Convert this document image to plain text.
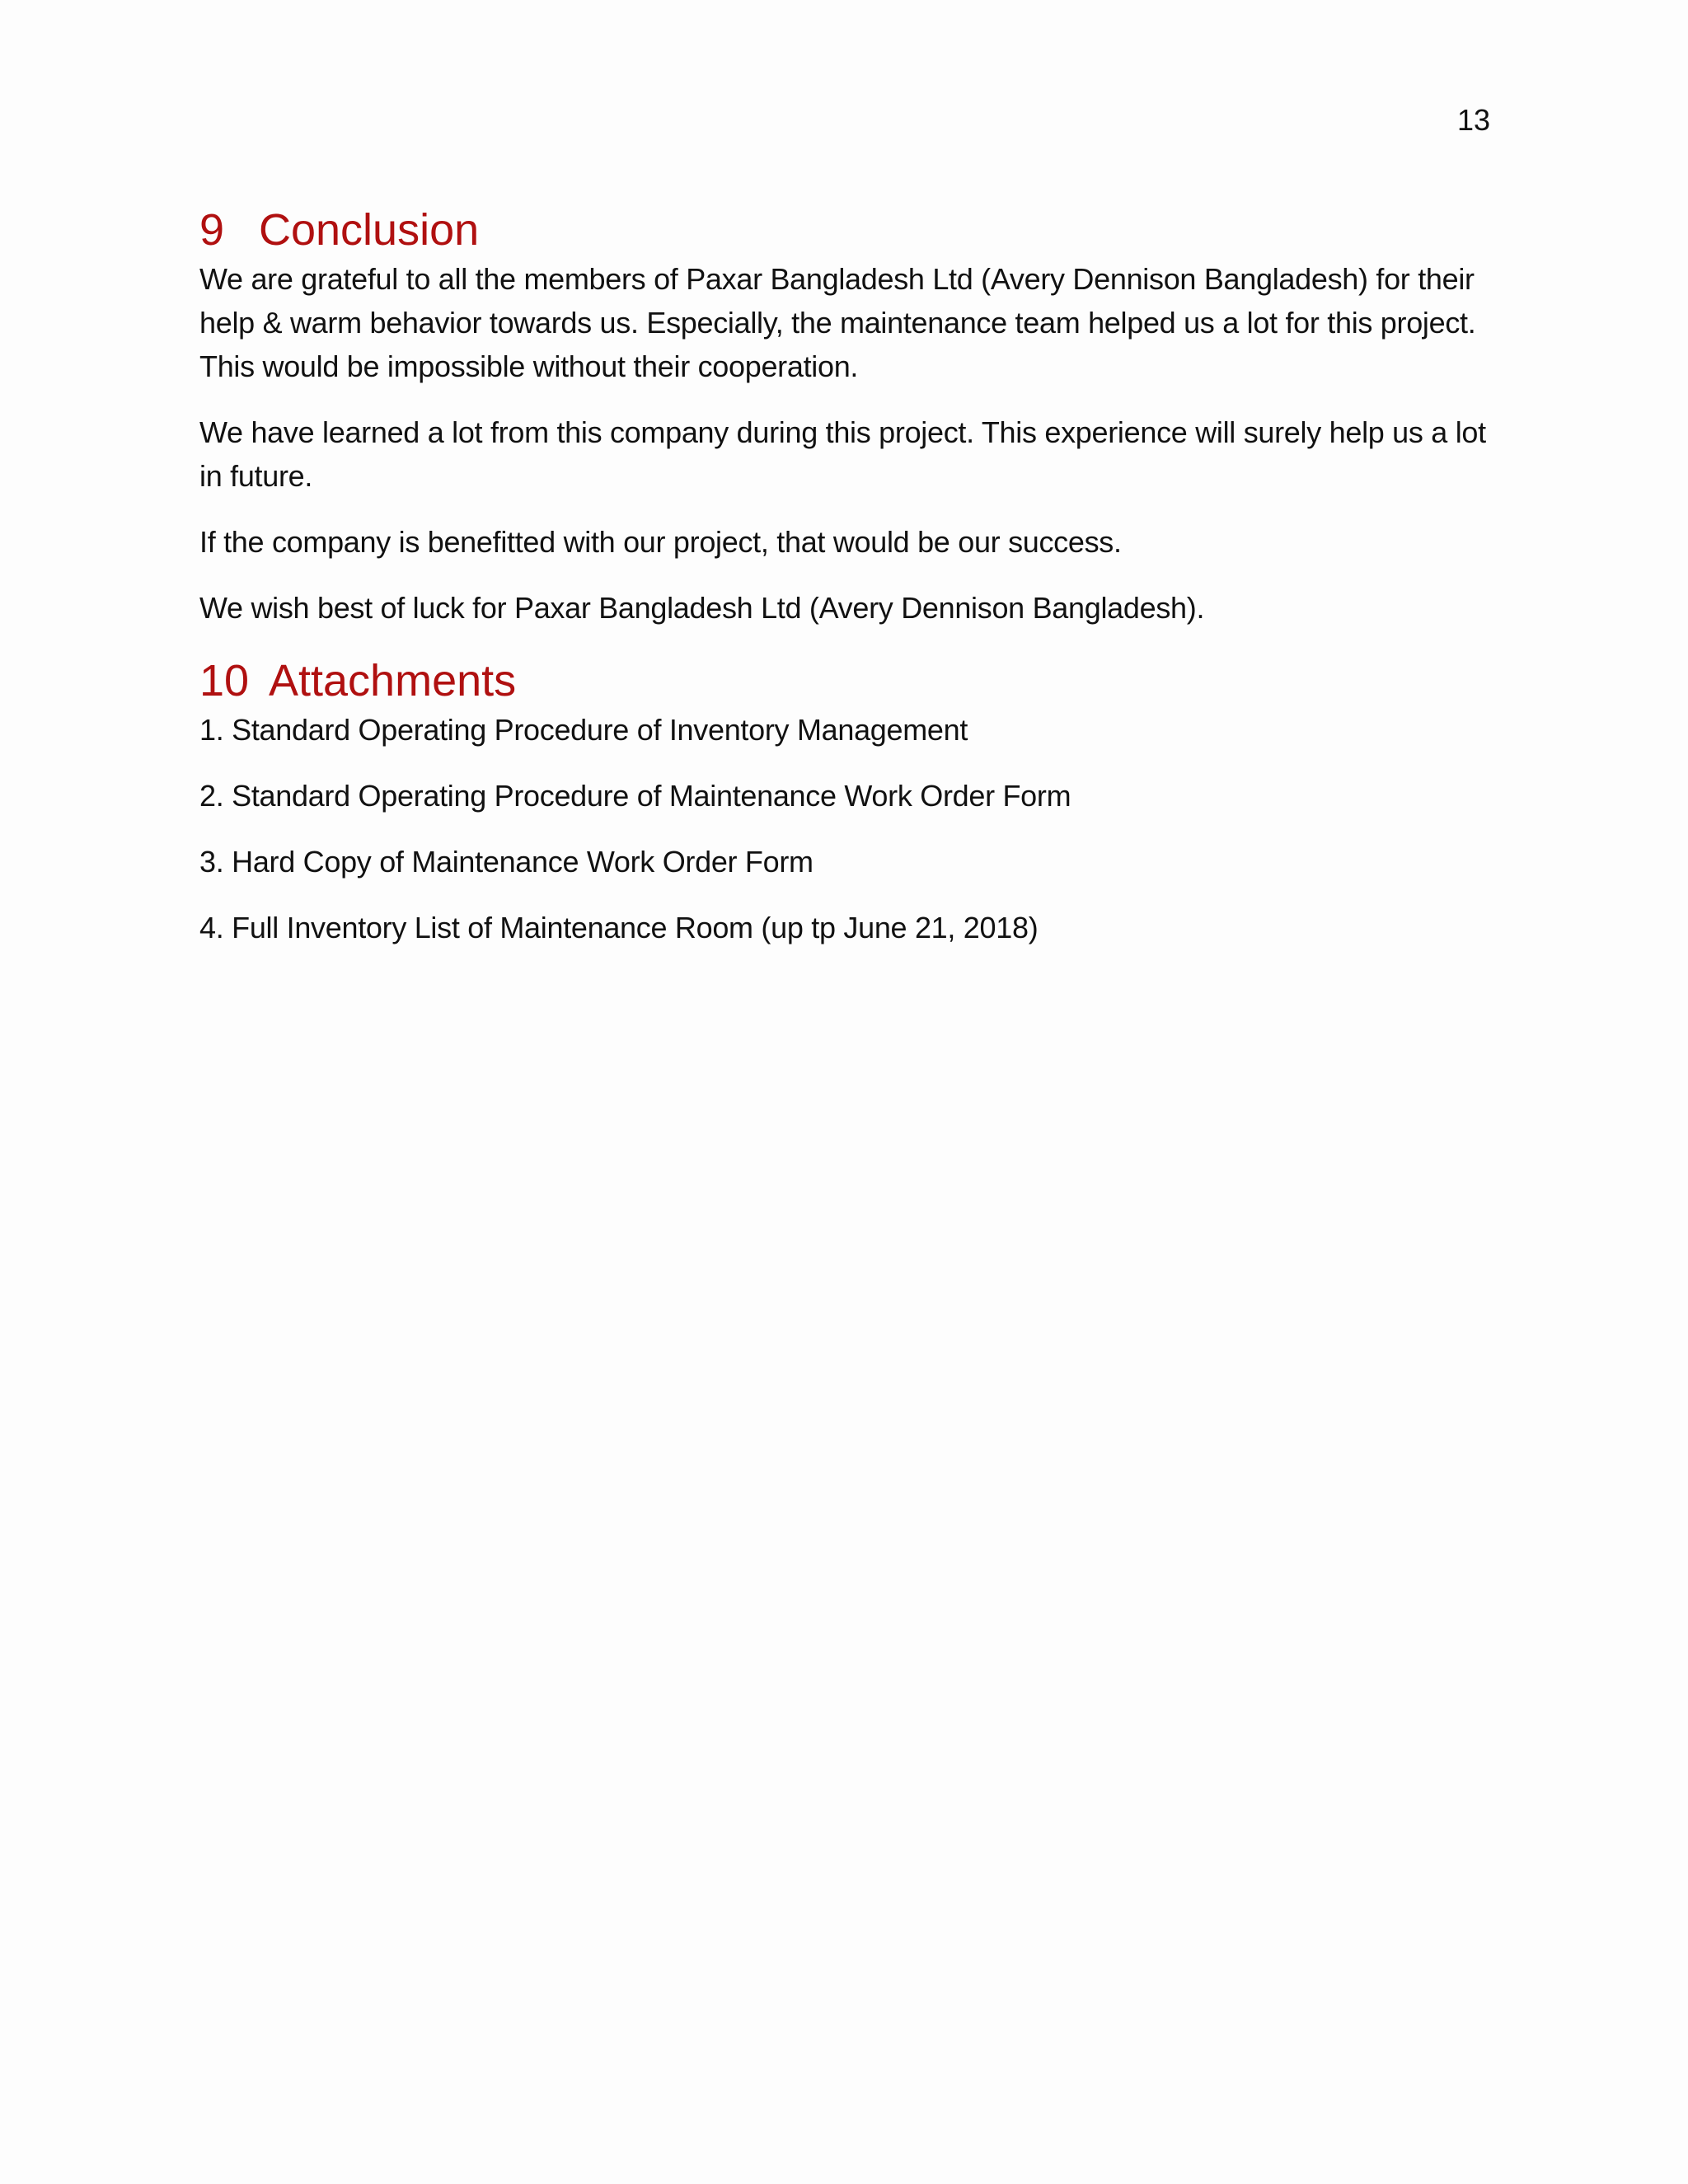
13
9 Conclusion

We are grateful to all the members of Paxar Bangladesh Ltd (Avery Dennison Bangladesh) for their help & warm behavior towards us. Especially, the maintenance team helped us a lot for this project. This would be impossible without their cooperation.

We have learned a lot from this company during this project. This experience will surely help us a lot in future.

If the company is benefitted with our project, that would be our success.

We wish best of luck for Paxar Bangladesh Ltd (Avery Dennison Bangladesh).

10 Attachments
1. Standard Operating Procedure of Inventory Management
2. Standard Operating Procedure of Maintenance Work Order Form
3. Hard Copy of Maintenance Work Order Form
4. Full Inventory List of Maintenance Room (up tp June 21, 2018)
